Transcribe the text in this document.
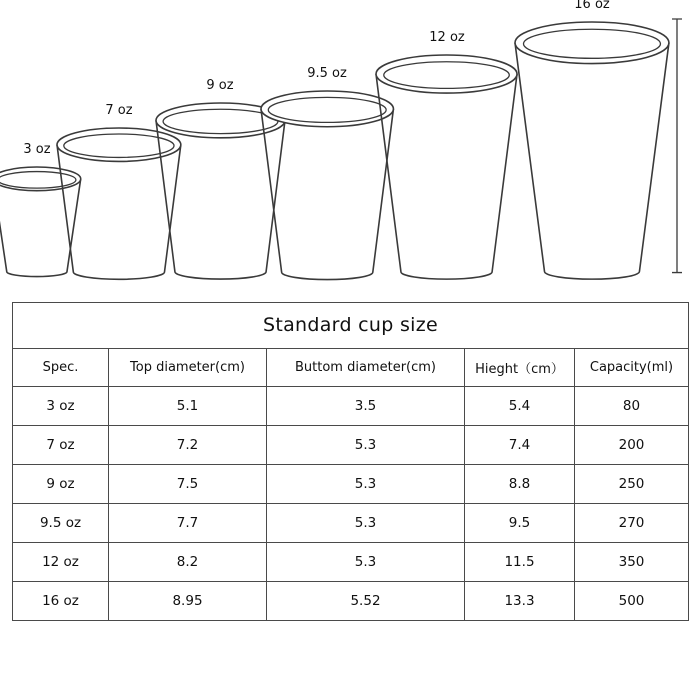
3 oz
7 oz
9 oz
9.5 oz
12 oz
16 oz
Standard cup size				
Spec.	Top diameter(cm)	Buttom diameter(cm)	Hieght（cm）	Capacity(ml)
3 oz	5.1	3.5	5.4	80
7 oz	7.2	5.3	7.4	200
9 oz	7.5	5.3	8.8	250
9.5 oz	7.7	5.3	9.5	270
12 oz	8.2	5.3	11.5	350
16 oz	8.95	5.52	13.3	500
